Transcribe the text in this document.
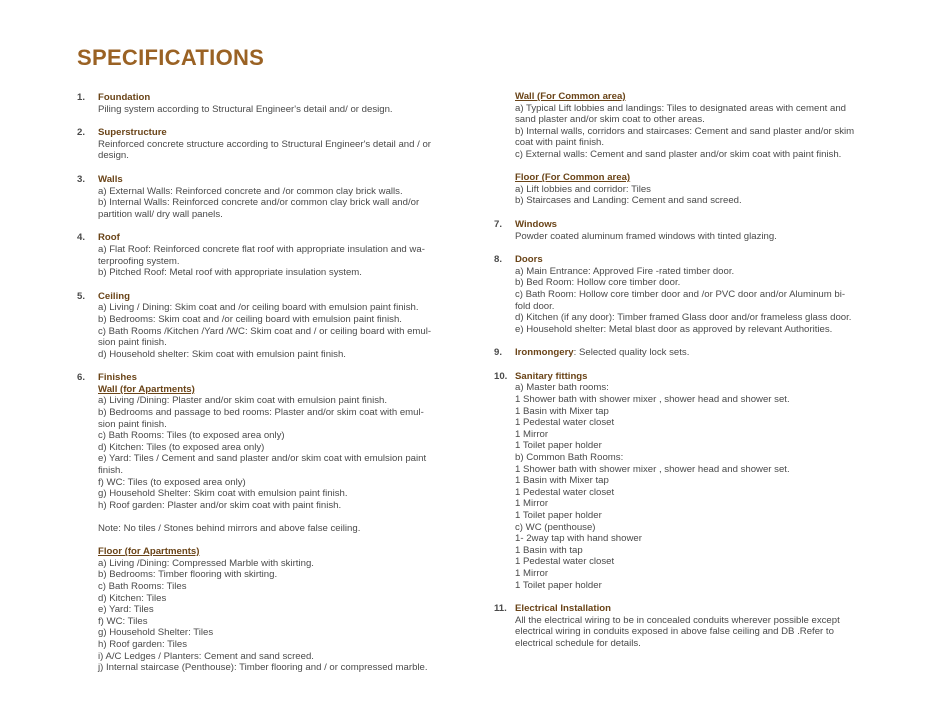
SPECIFICATIONS
1. Foundation
Piling system according to Structural Engineer's detail and/ or design.
2. Superstructure
Reinforced concrete structure according to Structural Engineer's detail and / or
design.
3. Walls
a) External Walls: Reinforced concrete and /or common clay brick walls.
b) Internal Walls: Reinforced concrete and/or common clay brick wall and/or
partition wall/ dry wall panels.
4. Roof
a) Flat Roof: Reinforced concrete flat roof with appropriate insulation and wa-
terproofing system.
b) Pitched Roof: Metal roof with appropriate insulation system.
5. Ceiling
a) Living / Dining: Skim coat and /or ceiling board with emulsion paint finish.
b) Bedrooms: Skim coat and /or ceiling board with emulsion paint finish.
c) Bath Rooms /Kitchen /Yard /WC: Skim coat and / or ceiling board with emul-
sion paint finish.
d) Household shelter: Skim coat with emulsion paint finish.
6. Finishes
Wall (for Apartments)
a) Living /Dining: Plaster and/or skim coat with emulsion paint finish.
b) Bedrooms and passage to bed rooms: Plaster and/or skim coat with emul-
sion paint finish.
c) Bath Rooms: Tiles (to exposed area only)
d) Kitchen: Tiles (to exposed area only)
e) Yard: Tiles / Cement and sand plaster and/or skim coat with emulsion paint
finish.
f) WC: Tiles (to exposed area only)
g) Household Shelter: Skim coat with emulsion paint finish.
h) Roof garden: Plaster and/or skim coat with paint finish.
Note: No tiles / Stones behind mirrors and above false ceiling.
Floor (for Apartments)
a) Living /Dining: Compressed Marble with skirting.
b) Bedrooms: Timber flooring with skirting.
c) Bath Rooms: Tiles
d) Kitchen: Tiles
e) Yard: Tiles
f) WC: Tiles
g) Household Shelter: Tiles
h) Roof garden: Tiles
i) A/C Ledges / Planters: Cement and sand screed.
j) Internal staircase (Penthouse): Timber flooring and / or compressed marble.
Wall (For Common area)
a) Typical Lift lobbies and landings: Tiles to designated areas with cement and
sand plaster and/or skim coat to other areas.
b) Internal walls, corridors and staircases: Cement and sand plaster and/or skim
coat with paint finish.
c) External walls: Cement and sand plaster and/or skim coat with paint finish.
Floor (For Common area)
a) Lift lobbies and corridor: Tiles
b) Staircases and Landing: Cement and sand screed.
7. Windows
Powder coated aluminum framed windows with tinted glazing.
8. Doors
a) Main Entrance: Approved Fire -rated timber door.
b) Bed Room: Hollow core timber door.
c) Bath Room: Hollow core timber door and /or PVC door and/or Aluminum bi-
fold door.
d) Kitchen (if any door): Timber framed Glass door and/or frameless glass door.
e) Household shelter: Metal blast door as approved by relevant Authorities.
9. Ironmongery: Selected quality lock sets.
10. Sanitary fittings
a) Master bath rooms:
1 Shower bath with shower mixer , shower head and shower set.
1 Basin with Mixer tap
1 Pedestal water closet
1 Mirror
1 Toilet paper holder
b) Common Bath Rooms:
1 Shower bath with shower mixer , shower head and shower set.
1 Basin with Mixer tap
1 Pedestal water closet
1 Mirror
1 Toilet paper holder
c) WC (penthouse)
1- 2way tap with hand shower
1 Basin with tap
1 Pedestal water closet
1 Mirror
1 Toilet paper holder
11. Electrical Installation
All the electrical wiring to be in concealed conduits wherever possible except
electrical wiring in conduits exposed in above false ceiling and DB .Refer to
electrical schedule for details.
